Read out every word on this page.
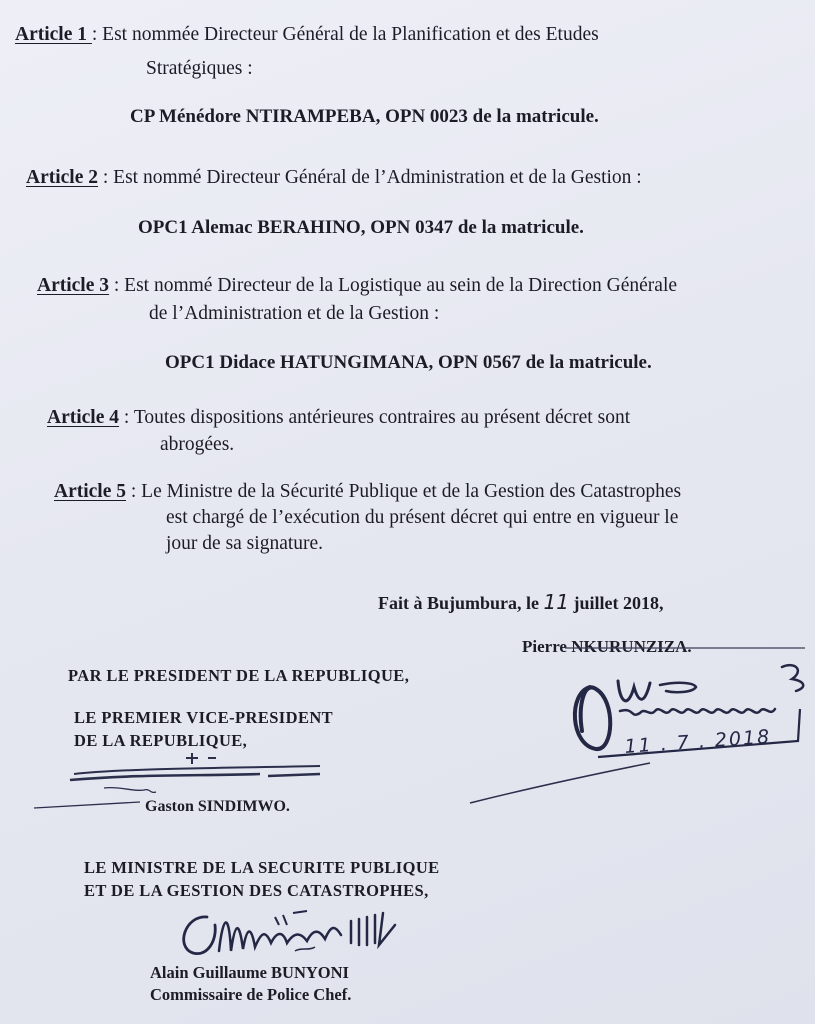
Article 1 : Est nommée Directeur Général de la Planification et des Etudes
Stratégiques :
CP Ménédore NTIRAMPEBA, OPN 0023 de la matricule.
Article 2 : Est nommé Directeur Général de l’Administration et de la Gestion :
OPC1 Alemac BERAHINO, OPN 0347 de la matricule.
Article 3 : Est nommé Directeur de la Logistique au sein de la Direction Générale
de l’Administration et de la Gestion :
OPC1 Didace HATUNGIMANA, OPN 0567 de la matricule.
Article 4 : Toutes dispositions antérieures contraires au présent décret sont
abrogées.
Article 5 : Le Ministre de la Sécurité Publique et de la Gestion des Catastrophes
est chargé de l’exécution du présent décret qui entre en vigueur le
jour de sa signature.
Fait à Bujumbura, le 11 juillet 2018,
Pierre NKURUNZIZA.
11 . 7 . 2018
PAR LE PRESIDENT DE LA REPUBLIQUE,
LE PREMIER VICE-PRESIDENT
DE LA REPUBLIQUE,
Gaston SINDIMWO.
LE MINISTRE DE LA SECURITE PUBLIQUE
ET DE LA GESTION DES CATASTROPHES,
Alain Guillaume BUNYONI
Commissaire de Police Chef.
